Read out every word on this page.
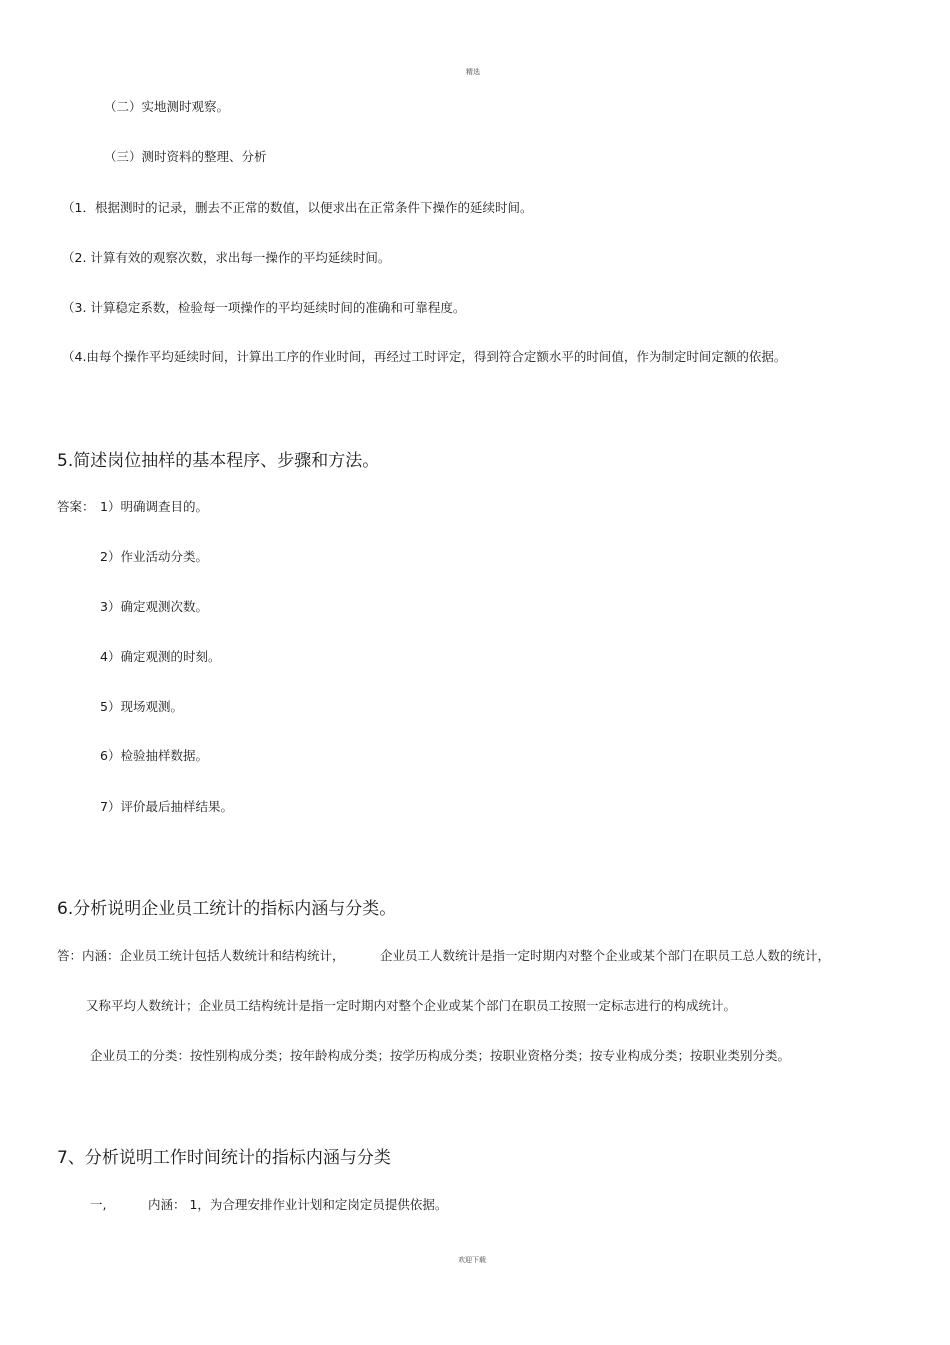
精选
（二）实地测时观察。
（三）测时资料的整理、分析
（1．根据测时的记录，删去不正常的数值，以便求出在正常条件下操作的延续时间。
（2. 计算有效的观察次数，求出每一操作的平均延续时间。
（3. 计算稳定系数，检验每一项操作的平均延续时间的准确和可靠程度。
（4.由每个操作平均延续时间，计算出工序的作业时间，再经过工时评定，得到符合定额水平的时间值，作为制定时间定额的依据。
5.简述岗位抽样的基本程序、步骤和方法。
答案： 1）明确调查目的。
2）作业活动分类。
3）确定观测次数。
4）确定观测的时刻。
5）现场观测。
6）检验抽样数据。
7）评价最后抽样结果。
6.分析说明企业员工统计的指标内涵与分类。
答：内涵：企业员工统计包括人数统计和结构统计，	企业员工人数统计是指一定时期内对整个企业或某个部门在职员工总人数的统计，
又称平均人数统计；企业员工结构统计是指一定时期内对整个企业或某个部门在职员工按照一定标志进行的构成统计。
企业员工的分类：按性别构成分类；按年龄构成分类；按学历构成分类；按职业资格分类；按专业构成分类；按职业类别分类。
7、分析说明工作时间统计的指标内涵与分类
一,	内涵： 1，为合理安排作业计划和定岗定员提供依据。
欢迎下载
